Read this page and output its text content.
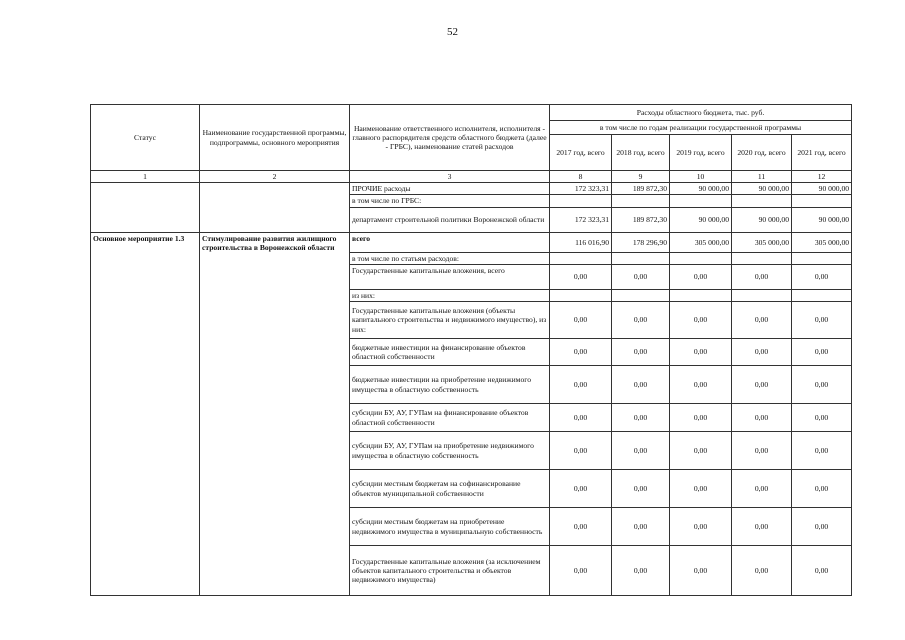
52
Статус	Наименование государственной программы, подпрограммы, основного мероприятия	Наименование ответственного исполнителя, исполнителя - главного распорядителя средств областного бюджета (далее - ГРБС), наименование статей расходов	Расходы областного бюджета, тыс. руб.				
			в том числе по годам реализации государственной программы				
			2017 год, всего	2018 год, всего	2019 год, всего	2020 год, всего	2021 год, всего
1	2	3	8	9	10	11	12
		ПРОЧИЕ расходы	172 323,31	189 872,30	90 000,00	90 000,00	90 000,00
		в том числе по ГРБС:					
		департамент строительной политики Воронежской области	172 323,31	189 872,30	90 000,00	90 000,00	90 000,00
Основное мероприятие 1.3	Стимулирование развития жилищного строительства в Воронежской области	всего	116 016,90	178 296,90	305 000,00	305 000,00	305 000,00
		в том числе по статьям расходов:					
		Государственные капитальные вложения, всего	0,00	0,00	0,00	0,00	0,00
		из них:					
		Государственные капитальные вложения (объекты капитального строительства и недвижимого имущество), из них:	0,00	0,00	0,00	0,00	0,00
		бюджетные инвестиции на финансирование объектов областной собственности	0,00	0,00	0,00	0,00	0,00
		бюджетные инвестиции на приобретение недвижимого имущества в областную собственность	0,00	0,00	0,00	0,00	0,00
		субсидии БУ, АУ, ГУПам на финансирование объектов областной собственности	0,00	0,00	0,00	0,00	0,00
		субсидии БУ, АУ, ГУПам на приобретение недвижимого имущества в областную собственность	0,00	0,00	0,00	0,00	0,00
		субсидии местным бюджетам на софинансирование объектов муниципальной собственности	0,00	0,00	0,00	0,00	0,00
		субсидии местным бюджетам на приобретение недвижимого имущества в муниципальную собственность	0,00	0,00	0,00	0,00	0,00
		Государственные капитальные вложения (за исключением объектов капитального строительства и объектов недвижимого имущества)	0,00	0,00	0,00	0,00	0,00
